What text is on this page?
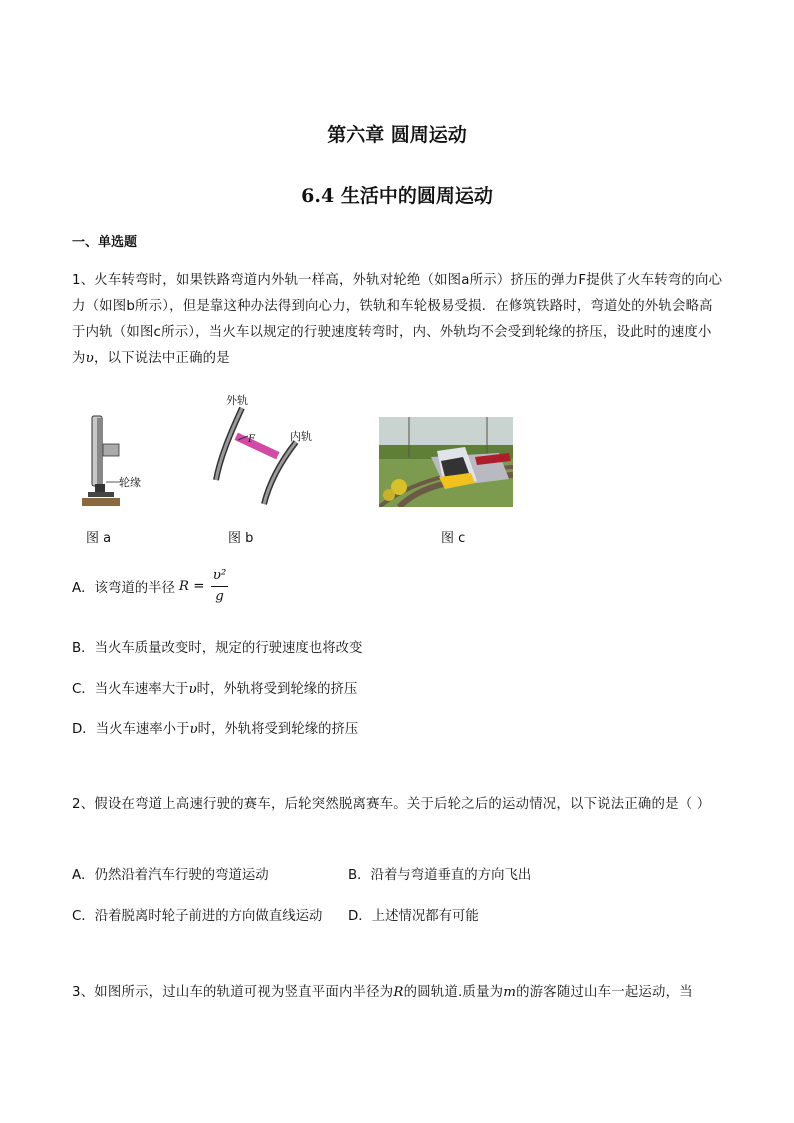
第六章 圆周运动
6.4 生活中的圆周运动
一、单选题
1、火车转弯时，如果铁路弯道内外轨一样高，外轨对轮绝（如图a所示）挤压的弹力F提供了火车转弯的向心力（如图b所示），但是靠这种办法得到向心力，铁轨和车轮极易受损．在修筑铁路时，弯道处的外轨会略高于内轨（如图c所示），当火车以规定的行驶速度转弯时，内、外轨均不会受到轮缘的挤压，设此时的速度小为υ，以下说法中正确的是
轮缘
外轨
内轨
F
图 a	图 b	图 c
A．该弯道的半径 $R = \frac{\text{υ²}}{g}$
B．当火车质量改变时，规定的行驶速度也将改变
C．当火车速率大于υ时，外轨将受到轮缘的挤压
D．当火车速率小于υ时，外轨将受到轮缘的挤压
2、假设在弯道上高速行驶的赛车，后轮突然脱离赛车。关于后轮之后的运动情况，以下说法正确的是（ ）
A．仍然沿着汽车行驶的弯道运动	B．沿着与弯道垂直的方向飞出
C．沿着脱离时轮子前进的方向做直线运动 D．上述情况都有可能
3、如图所示，过山车的轨道可视为竖直平面内半径为R的圆轨道.质量为m的游客随过山车一起运动，当
